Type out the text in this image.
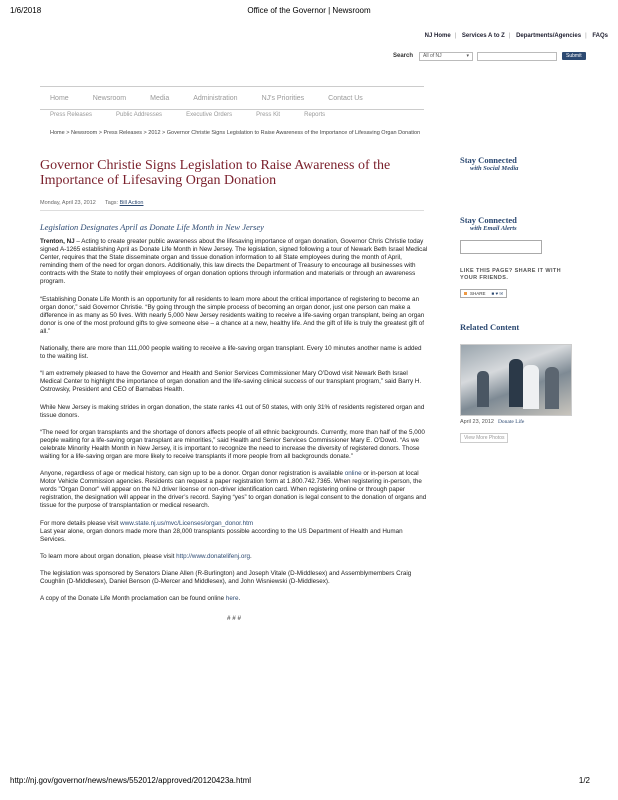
1/6/2018	Office of the Governor | Newsroom
NJ Home | Services A to Z | Departments/Agencies | FAQs
Search All of NJ	▾	Submit
Home	Newsroom	Media	Administration	NJ's Priorities	Contact Us
Press Releases	Public Addresses	Executive Orders	Press Kit	Reports
Home > Newsroom > Press Releases > 2012 > Governor Christie Signs Legislation to Raise Awareness of the Importance of Lifesaving Organ Donation
Governor Christie Signs Legislation to Raise Awareness of the Importance of Lifesaving Organ Donation
Monday, April 23, 2012 Tags: Bill Action
Legislation Designates April as Donate Life Month in New Jersey

Trenton, NJ – Acting to create greater public awareness about the lifesaving importance of organ donation, Governor Chris Christie today signed A-1265 establishing April as Donate Life Month in New Jersey. The legislation, signed following a tour of Newark Beth Israel Medical Center, requires that the State disseminate organ and tissue donation information to all State employees during the month of April, reminding them of the need for organ donors. Additionally, this law directs the Department of Treasury to encourage all businesses with contracts with the State to notify their employees of organ donation options through information and materials or through an awareness program.

“Establishing Donate Life Month is an opportunity for all residents to learn more about the critical importance of registering to become an organ donor,” said Governor Christie. “By going through the simple process of becoming an organ donor, just one person can make a difference in as many as 50 lives. With nearly 5,000 New Jersey residents waiting to receive a life-saving organ transplant, being an organ donor is one of the most profound gifts to give someone else – a chance at a new, healthy life. And the gift of life is truly the greatest gift of all.”

Nationally, there are more than 111,000 people waiting to receive a life-saving organ transplant. Every 10 minutes another name is added to the waiting list.

“I am extremely pleased to have the Governor and Health and Senior Services Commissioner Mary O’Dowd visit Newark Beth Israel Medical Center to highlight the importance of organ donation and the life-saving clinical success of our transplant program,” said Barry H. Ostrowsky, President and CEO of Barnabas Health.

While New Jersey is making strides in organ donation, the state ranks 41 out of 50 states, with only 31% of residents registered organ and tissue donors.

“The need for organ transplants and the shortage of donors affects people of all ethnic backgrounds. Currently, more than half of the 5,000 people waiting for a life-saving organ transplant are minorities,” said Health and Senior Services Commissioner Mary E. O’Dowd. “As we celebrate Minority Health Month in New Jersey, it is important to recognize the need to increase the diversity of registered donors. Those waiting for a life-saving organ are more likely to receive transplants if more people from all backgrounds donate.”

Anyone, regardless of age or medical history, can sign up to be a donor. Organ donor registration is available online or in-person at local Motor Vehicle Commission agencies. Residents can request a paper registration form at 1.800.742.7365. When registering in-person, the words "Organ Donor" will appear on the NJ driver license or non-driver identification card. When registering online or through paper registration, the designation will appear in the driver’s record. Saying “yes” to organ donation is legal consent to the donation of organs and tissue for the purpose of transplantation or medical research.

For more details please visit www.state.nj.us/mvc/Licenses/organ_donor.htm
Last year alone, organ donors made more than 28,000 transplants possible according to the US Department of Health and Human Services.

To learn more about organ donation, please visit http://www.donatelifenj.org.

The legislation was sponsored by Senators Diane Allen (R-Burlington) and Joseph Vitale (D-Middlesex) and Assemblymembers Craig Coughlin (D-Middlesex), Daniel Benson (D-Mercer and Middlesex), and John Wisniewski (D-Middlesex).

A copy of the Donate Life Month proclamation can be found online here.

# # #

Stay Connected
with Social Media
Stay Connected
with Email Alerts
LIKE THIS PAGE? SHARE IT WITH YOUR FRIENDS.
SHARE ■ ♥ ✉
Related Content
April 23, 2012 Donate Life
View More Photos
http://nj.gov/governor/news/news/552012/approved/20120423a.html	1/2
